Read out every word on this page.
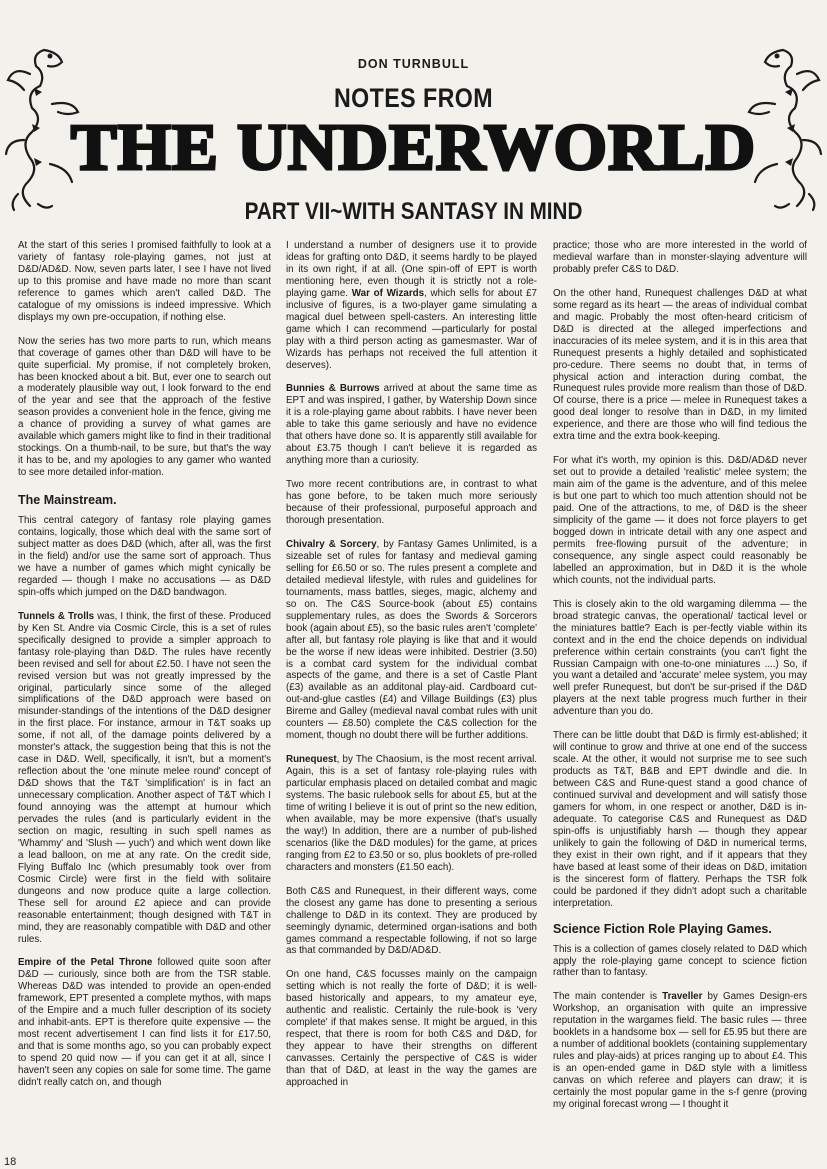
DON TURNBULL
NOTES FROM
THE UNDERWORLD
PART VII~WITH SANTASY IN MIND

At the start of this series I promised faithfully to look at a variety of fantasy role-playing games, not just at D&D/AD&D. Now, seven parts later, I see I have not lived up to this promise and have made no more than scant reference to games which aren't called D&D. The catalogue of my omissions is indeed impressive. Which displays my own pre-occupation, if nothing else.

Now the series has two more parts to run, which means that coverage of games other than D&D will have to be quite superficial. My promise, if not completely broken, has been knocked about a bit. But, ever one to search out a moderately plausible way out, I look forward to the end of the year and see that the approach of the festive season provides a convenient hole in the fence, giving me a chance of providing a survey of what games are available which gamers might like to find in their traditional stockings. On a thumb-nail, to be sure, but that's the way it has to be, and my apologies to any gamer who wanted to see more detailed infor-mation.

The Mainstream.

This central category of fantasy role playing games contains, logically, those which deal with the same sort of subject matter as does D&D (which, after all, was the first in the field) and/or use the same sort of approach. Thus we have a number of games which might cynically be regarded — though I make no accusations — as D&D spin-offs which jumped on the D&D bandwagon.

Tunnels & Trolls was, I think, the first of these. Produced by Ken St. Andre via Cosmic Circle, this is a set of rules specifically designed to provide a simpler approach to fantasy role-playing than D&D. The rules have recently been revised and sell for about £2.50. I have not seen the revised version but was not greatly impressed by the original, particularly since some of the alleged simplifications of the D&D approach were based on misunder-standings of the intentions of the D&D designer in the first place. For instance, armour in T&T soaks up some, if not all, of the damage points delivered by a monster's attack, the suggestion being that this is not the case in D&D. Well, specifically, it isn't, but a moment's reflection about the 'one minute melee round' concept of D&D shows that the T&T 'simplification' is in fact an unnecessary complication. Another aspect of T&T which I found annoying was the attempt at humour which pervades the rules (and is particularly evident in the section on magic, resulting in such spell names as 'Whammy' and 'Slush — yuch') and which went down like a lead balloon, on me at any rate. On the credit side, Flying Buffalo Inc (which presumably took over from Cosmic Circle) were first in the field with solitaire dungeons and now produce quite a large collection. These sell for around £2 apiece and can provide reasonable entertainment; though designed with T&T in mind, they are reasonably compatible with D&D and other rules.

Empire of the Petal Throne followed quite soon after D&D — curiously, since both are from the TSR stable. Whereas D&D was intended to provide an open-ended framework, EPT presented a complete mythos, with maps of the Empire and a much fuller description of its society and inhabit-ants. EPT is therefore quite expensive — the most recent advertisement I can find lists it for £17.50, and that is some months ago, so you can probably expect to spend 20 quid now — if you can get it at all, since I haven't seen any copies on sale for some time. The game didn't really catch on, and though

I understand a number of designers use it to provide ideas for grafting onto D&D, it seems hardly to be played in its own right, if at all. (One spin-off of EPT is worth mentioning here, even though it is strictly not a role-playing game. War of Wizards, which sells for about £7 inclusive of figures, is a two-player game simulating a magical duel between spell-casters. An interesting little game which I can recommend —particularly for postal play with a third person acting as gamesmaster. War of Wizards has perhaps not received the full attention it deserves).

Bunnies & Burrows arrived at about the same time as EPT and was inspired, I gather, by Watership Down since it is a role-playing game about rabbits. I have never been able to take this game seriously and have no evidence that others have done so. It is apparently still available for about £3.75 though I can't believe it is regarded as anything more than a curiosity.

Two more recent contributions are, in contrast to what has gone before, to be taken much more seriously because of their professional, purposeful approach and thorough presentation.

Chivalry & Sorcery, by Fantasy Games Unlimited, is a sizeable set of rules for fantasy and medieval gaming selling for £6.50 or so. The rules present a complete and detailed medieval lifestyle, with rules and guidelines for tournaments, mass battles, sieges, magic, alchemy and so on. The C&S Source-book (about £5) contains supplementary rules, as does the Swords & Sorcerors book (again about £5), so the basic rules aren't 'complete' after all, but fantasy role playing is like that and it would be the worse if new ideas were inhibited. Destrier (3.50) is a combat card system for the individual combat aspects of the game, and there is a set of Castle Plant (£3) available as an additonal play-aid. Cardboard cut-out-and-glue castles (£4) and Village Buildings (£3) plus Bireme and Galley (medieval naval combat rules with unit counters — £8.50) complete the C&S collection for the moment, though no doubt there will be further additions.

Runequest, by The Chaosium, is the most recent arrival. Again, this is a set of fantasy role-playing rules with particular emphasis placed on detailed combat and magic systems. The basic rulebook sells for about £5, but at the time of writing I believe it is out of print so the new edition, when available, may be more expensive (that's usually the way!) In addition, there are a number of pub-lished scenarios (like the D&D modules) for the game, at prices ranging from £2 to £3.50 or so, plus booklets of pre-rolled characters and monsters (£1.50 each).

Both C&S and Runequest, in their different ways, come the closest any game has done to presenting a serious challenge to D&D in its context. They are produced by seemingly dynamic, determined organ-isations and both games command a respectable following, if not so large as that commanded by D&D/AD&D.

On one hand, C&S focusses mainly on the campaign setting which is not really the forte of D&D; it is well-based historically and appears, to my amateur eye, authentic and realistic. Certainly the rule-book is 'very complete' if that makes sense. It might be argued, in this respect, that there is room for both C&S and D&D, for they appear to have their strengths on different canvasses. Certainly the perspective of C&S is wider than that of D&D, at least in the way the games are approached in

practice; those who are more interested in the world of medieval warfare than in monster-slaying adventure will probably prefer C&S to D&D.

On the other hand, Runequest challenges D&D at what some regard as its heart — the areas of individual combat and magic. Probably the most often-heard criticism of D&D is directed at the alleged imperfections and inaccuracies of its melee system, and it is in this area that Runequest presents a highly detailed and sophisticated pro-cedure. There seems no doubt that, in terms of physical action and interaction during combat, the Runequest rules provide more realism than those of D&D. Of course, there is a price — melee in Runequest takes a good deal longer to resolve than in D&D, in my limited experience, and there are those who will find tedious the extra time and the extra book-keeping.

For what it's worth, my opinion is this. D&D/AD&D never set out to provide a detailed 'realistic' melee system; the main aim of the game is the adventure, and of this melee is but one part to which too much attention should not be paid. One of the attractions, to me, of D&D is the sheer simplicity of the game — it does not force players to get bogged down in intricate detail with any one aspect and permits free-flowing pursuit of the adventure; in consequence, any single aspect could reasonably be labelled an approximation, but in D&D it is the whole which counts, not the individual parts.

This is closely akin to the old wargaming dilemma — the broad strategic canvas, the operational/ tactical level or the miniatures battle? Each is per-fectly viable within its context and in the end the choice depends on individual preference within certain constraints (you can't fight the Russian Campaign with one-to-one miniatures ....) So, if you want a detailed and 'accurate' melee system, you may well prefer Runequest, but don't be sur-prised if the D&D players at the next table progress much further in their adventure than you do.

There can be little doubt that D&D is firmly est-ablished; it will continue to grow and thrive at one end of the success scale. At the other, it would not surprise me to see such products as T&T, B&B and EPT dwindle and die. In between C&S and Rune-quest stand a good chance of continued survival and development and will satisfy those gamers for whom, in one respect or another, D&D is in-adequate. To categorise C&S and Runequest as D&D spin-offs is unjustifiably harsh — though they appear unlikely to gain the following of D&D in numerical terms, they exist in their own right, and if it appears that they have based at least some of their ideas on D&D, imitation is the sincerest form of flattery. Perhaps the TSR folk could be pardoned if they didn't adopt such a charitable interpretation.

Science Fiction Role Playing Games.

This is a collection of games closely related to D&D which apply the role-playing game concept to science fiction rather than to fantasy.

The main contender is Traveller by Games Design-ers Workshop, an organisation with quite an impressive reputation in the wargames field. The basic rules — three booklets in a handsome box — sell for £5.95 but there are a number of additional booklets (containing supplementary rules and play-aids) at prices ranging up to about £4. This is an open-ended game in D&D style with a limitless canvas on which referee and players can draw; it is certainly the most popular game in the s-f genre (proving my original forecast wrong — I thought it

18
